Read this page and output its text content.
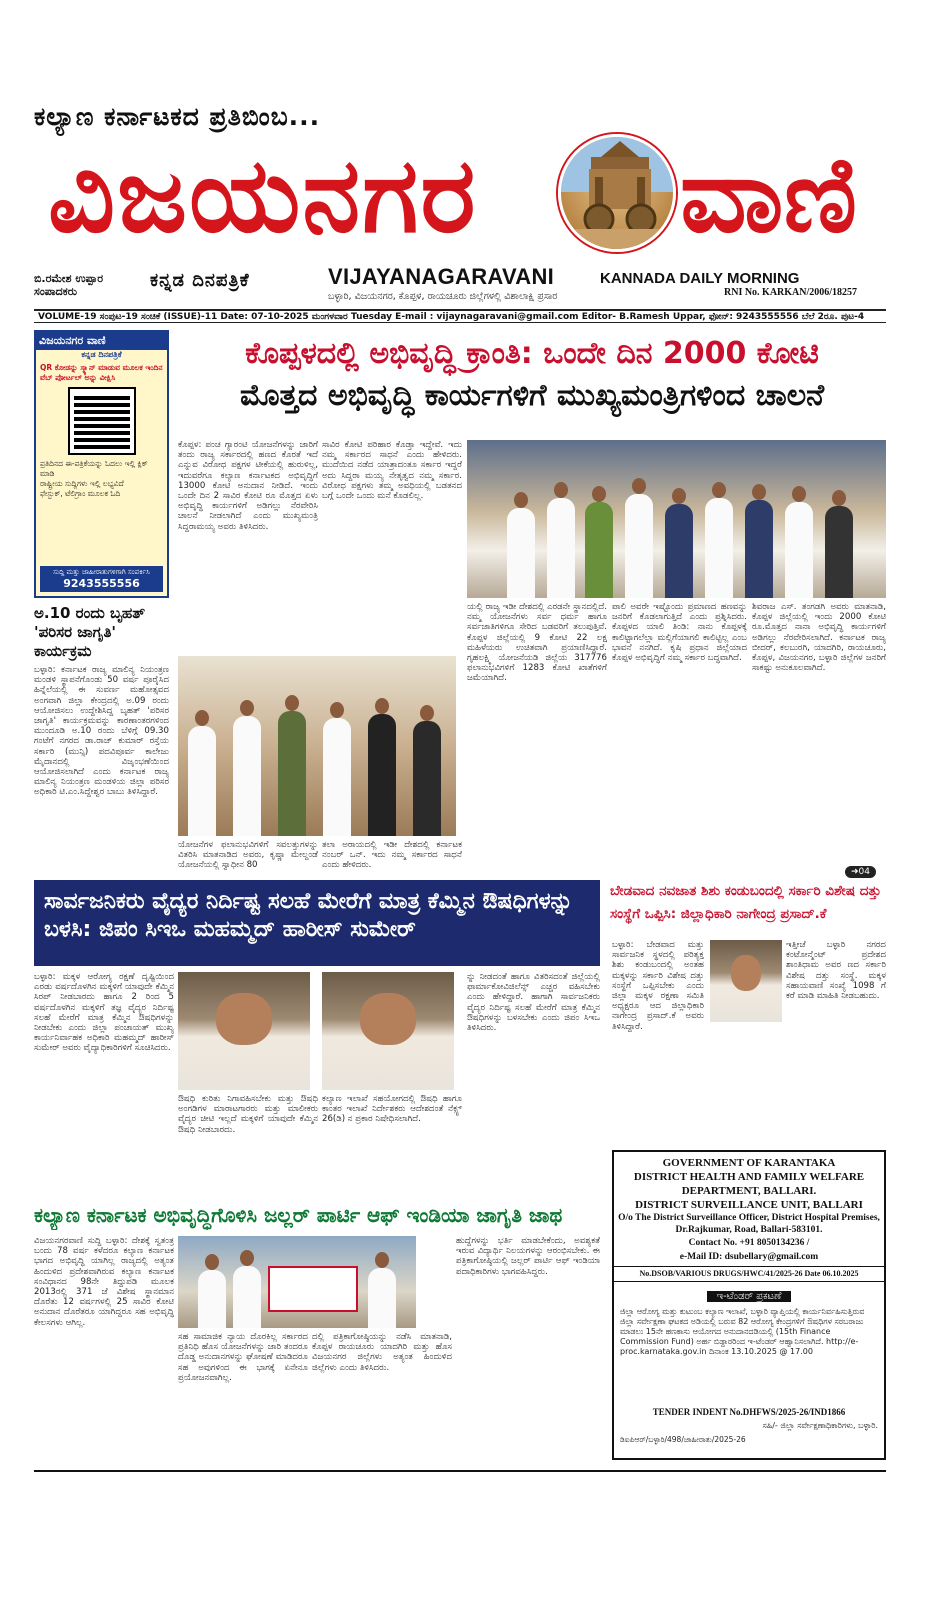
ಕಲ್ಯಾಣ ಕರ್ನಾಟಕದ ಪ್ರತಿಬಿಂಬ...
ವಿಜಯನಗರ ವಾಣಿ
ಬಿ.ರಮೇಶ ಉಪ್ಪಾರ
ಸಂಪಾದಕರು
ಕನ್ನಡ ದಿನಪತ್ರಿಕೆ	VIJAYANAGARAVANI	KANNADA DAILY MORNING
ಬಳ್ಳಾರಿ, ವಿಜಯನಗರ, ಕೊಪ್ಪಳ, ರಾಯಚೂರು ಜಿಲ್ಲೆಗಳಲ್ಲಿ ವಿಶಾಲಾಕ್ಷಿ ಪ್ರಸಾರ	RNI No. KARKAN/2006/18257
VOLUME-19 ಸಂಪುಟ-19 ಸಂಚಿಕೆ (ISSUE)-11 Date: 07-10-2025 ಮಂಗಳವಾರ Tuesday E-mail : vijaynagaravani@gmail.com Editor- B.Ramesh Uppar, ಫೋನ್: 9243555556 ಬೆಲೆ 2ರೂ. ಪುಟ-4
ವಿಜಯನಗರ ವಾಣಿ
ಕನ್ನಡ ದಿನಪತ್ರಿಕೆ
QR ಕೋಡನ್ನು ಸ್ಕ್ಯಾನ್ ಮಾಡುವ ಮೂಲಕ ಇಂದಿನ ವೆಬ್ ಪೋರ್ಟಲ್ ಅನ್ನು ವೀಕ್ಷಿಸಿ
ಪ್ರತಿದಿನದ ಈ-ಪತ್ರಿಕೆಯನ್ನು ಓದಲು ಇಲ್ಲಿ ಕ್ಲಿಕ್ ಮಾಡಿ
ರಾಷ್ಟ್ರೀಯ ಸುದ್ದಿಗಳು ಇಲ್ಲಿ ಲಭ್ಯವಿದೆ
ಫೇಸ್ಬುಕ್, ಟೆಲಿಗ್ರಾಂ ಮೂಲಕ ಓದಿ
ಸುದ್ದಿ ಮತ್ತು ಜಾಹೀರಾತುಗಳಿಗಾಗಿ ಸಂಪರ್ಕಿಸಿ
9243555556
ಅ.10 ರಂದು ಬೃಹತ್ 'ಪರಿಸರ ಜಾಗೃತಿ' ಕಾರ್ಯಕ್ರಮ
ಬಳ್ಳಾರಿ: ಕರ್ನಾಟಕ ರಾಜ್ಯ ಮಾಲಿನ್ಯ ನಿಯಂತ್ರಣ ಮಂಡಳಿ ಸ್ಥಾಪನೆಗೊಂಡು 50 ವರ್ಷ ಪೂರೈಸಿದ ಹಿನ್ನೆಲೆಯಲ್ಲಿ ಈ ಸುವರ್ಣ ಮಹೋತ್ಸವದ ಅಂಗವಾಗಿ ಜಿಲ್ಲಾ ಕೇಂದ್ರದಲ್ಲಿ ಅ.09 ರಂದು ಆಯೋಜಿಸಲು ಉದ್ದೇಶಿಸಿದ್ದ ಬೃಹತ್ 'ಪರಿಸರ ಜಾಗೃತಿ' ಕಾರ್ಯಕ್ರಮವನ್ನು ಕಾರಣಾಂತರಗಳಿಂದ ಮುಂದೂಡಿ ಅ.10 ರಂದು ಬೆಳಿಗ್ಗೆ 09.30 ಗಂಟೆಗೆ ನಗರದ ಡಾ.ರಾಜ್ ಕುಮಾರ್ ರಸ್ತೆಯ ಸರ್ಕಾರಿ (ಮುನ್ಸಿ) ಪದವಿಪೂರ್ವ ಕಾಲೇಜು ಮೈದಾನದಲ್ಲಿ ವಿಜೃಂಭಣೆಯಿಂದ ಆಯೋಜಿಸಲಾಗಿದೆ ಎಂದು ಕರ್ನಾಟಕ ರಾಜ್ಯ ಮಾಲಿನ್ಯ ನಿಯಂತ್ರಣ ಮಂಡಳಿಯ ಜಿಲ್ಲಾ ಪರಿಸರ ಅಧಿಕಾರಿ ಟಿ.ಎಂ.ಸಿದ್ದೇಶ್ವರ ಬಾಬು ತಿಳಿಸಿದ್ದಾರೆ.
ಕೊಪ್ಪಳದಲ್ಲಿ ಅಭಿವೃದ್ಧಿ ಕ್ರಾಂತಿ: ಒಂದೇ ದಿನ 2000 ಕೋಟಿ
ಮೊತ್ತದ ಅಭಿವೃದ್ಧಿ ಕಾರ್ಯಗಳಿಗೆ ಮುಖ್ಯಮಂತ್ರಿಗಳಿಂದ ಚಾಲನೆ
ಕೊಪ್ಪಳ: ಪಂಚ ಗ್ಯಾರಂಟಿ ಯೋಜನೆಗಳನ್ನು ಜಾರಿಗೆ ತಂದು ರಾಜ್ಯ ಸರ್ಕಾರದಲ್ಲಿ ಹಣದ ಕೊರತೆ ಇದೆ ಎನ್ನುವ ವಿರೋಧ ಪಕ್ಷಗಳ ಟೀಕೆಯಲ್ಲಿ ಹುರುಳಿಲ್ಲ, ಇದುವರೆಗೂ ಕಲ್ಯಾಣ ಕರ್ನಾಟಕದ ಅಭಿವೃದ್ಧಿಗೆ 13000 ಕೋಟಿ ಅನುದಾನ ನೀಡಿದೆ. ಇಂದು ಒಂದೇ ದಿನ 2 ಸಾವಿರ ಕೋಟಿ ರೂ ಮೊತ್ತದ ಏಳು ಅಭಿವೃದ್ಧಿ ಕಾರ್ಯಗಳಿಗೆ ಅಡಿಗಲ್ಲು ನೆರವೇರಿಸಿ ಚಾಲನೆ ನೀಡಲಾಗಿದೆ ಎಂದು ಮುಖ್ಯಮಂತ್ರಿ ಸಿದ್ದರಾಮಯ್ಯ ಅವರು ತಿಳಿಸಿದರು.
ಸಾವಿರ ಕೋಟಿ ಪರಿಹಾರ ಕೊಡ್ತಾ ಇದ್ದೇವೆ. ಇದು ನಮ್ಮ ಸರ್ಕಾರದ ಸಾಧನೆ ಎಂದು ಹೇಳಿದರು. ಮುದೆಯಿದ ನಡೆದ ಯಾತ್ರಾದಂತೂ ಸರ್ಕಾರ ಇದ್ದರೆ ಅದು ಸಿದ್ದರಾ ಮಯ್ಯ ನೇತೃತ್ವದ ನಮ್ಮ ಸರ್ಕಾರ. ವಿರೋಧ ಪಕ್ಷಗಳು ತಮ್ಮ ಅವಧಿಯಲ್ಲಿ ಬಡತನದ ಬಗ್ಗೆ ಒಂದೇ ಒಂದು ಮನೆ ಕೊಡಲಿಲ್ಲ.
ಯಲ್ಲಿ ರಾಜ್ಯ ಇಡೀ ದೇಶದಲ್ಲಿ ಎರಡನೇ ಸ್ಥಾನದಲ್ಲಿದೆ. ನಮ್ಮ ಯೋಜನೆಗಳು ಸರ್ವ ಧರ್ಮ ಹಾಗೂ ಸರ್ವಜಾತಿಗಳಿಗೂ ಸೇರಿದ ಬಡವರಿಗೆ ತಲುಪುತ್ತಿವೆ. ಕೊಪ್ಪಳ ಜಿಲ್ಲೆಯಲ್ಲಿ 9 ಕೋಟಿ 22 ಲಕ್ಷ ಮಹಿಳೆಯರು ಉಚಿತವಾಗಿ ಪ್ರಯಾಣಿಸಿದ್ದಾರೆ. ಗೃಹಲಕ್ಷ್ಮಿ ಯೋಜನೆಯಡಿ ಜಿಲ್ಲೆಯ 317776 ಫಲಾನುಭವಿಗಳಿಗೆ 1283 ಕೋಟಿ ಖಾತೆಗಳಿಗೆ ಜಮೆಯಾಗಿದೆ.
ಪಾಲಿ ಅವರೇ ಇಷ್ಟೊಂದು ಪ್ರಮಾಣದ ಹಣವನ್ನು ಜನರಿಗೆ ಕೊಡಲಾಗುತ್ತಿದೆ ಎಂದು ಪ್ರಶ್ನಿಸಿದರು. ಕೊಪ್ಪಳದ ಯಾಲಿ ತಿಂಡಿ: ನಾನು ಕೊಪ್ಪಳಕ್ಕೆ ಕಾಲಿಟ್ಟಾಗಲೆಲ್ಲಾ ಮಲ್ಲಿಗೆಯಾಗಲಿ ಕಾಲಿಟ್ಟಿಲ್ಲ ಎಂಬ ಭಾವನೆ ನನಗಿದೆ. ಕೃಷಿ ಪ್ರಧಾನ ಜಿಲ್ಲೆಯಾದ ಕೊಪ್ಪಳ ಅಭಿವೃದ್ಧಿಗೆ ನಮ್ಮ ಸರ್ಕಾರ ಬದ್ಧವಾಗಿದೆ.
ಶಿವರಾಜ ಎಸ್. ತಂಗಡಗಿ ಅವರು ಮಾತನಾಡಿ, ಕೊಪ್ಪಳ ಜಿಲ್ಲೆಯಲ್ಲಿ ಇಂದು 2000 ಕೋಟಿ ರೂ.ಮೊತ್ತದ ನಾನಾ ಅಭಿವೃದ್ಧಿ ಕಾರ್ಯಗಳಿಗೆ ಅಡಿಗಲ್ಲು ನೆರವೇರಿಸಲಾಗಿದೆ. ಕರ್ನಾಟಕ ರಾಜ್ಯ ಬೀದರ್, ಕಲಬುರಗಿ, ಯಾದಗಿರಿ, ರಾಯಚೂರು, ಕೊಪ್ಪಳ, ವಿಜಯನಗರ, ಬಳ್ಳಾರಿ ಜಿಲ್ಲೆಗಳ ಜನರಿಗೆ ಸಾಕಷ್ಟು ಅನುಕೂಲವಾಗಿದೆ.
ಯೋಜನೆಗಳ ಫಲಾನುಭವಿಗಳಿಗೆ ಸವಲತ್ತುಗಳನ್ನು ವಿತರಿಸಿ ಮಾತನಾಡಿದ ಅವರು, ಕೃಷ್ಣಾ ಮೇಲ್ದಂಡೆ ಯೋಜನೆಯಲ್ಲಿ ಸ್ವಾಧೀನ 80
ತಲಾ ಅರಾಯದಲ್ಲಿ ಇಡೀ ದೇಶದಲ್ಲಿ ಕರ್ನಾಟಕ ನಂಬರ್ ಒನ್. ಇದು ನಮ್ಮ ಸರ್ಕಾರದ ಸಾಧನೆ ಎಂದು ಹೇಳಿದರು.
➜04
ಸಾರ್ವಜನಿಕರು ವೈದ್ಯರ ನಿರ್ದಿಷ್ಟ ಸಲಹೆ ಮೇರೆಗೆ ಮಾತ್ರ ಕೆಮ್ಮಿನ ಔಷಧಿಗಳನ್ನು ಬಳಸಿ: ಜಿಪಂ ಸಿಇಒ ಮಹಮ್ಮದ್ ಹಾರೀಸ್ ಸುಮೇರ್
ಬೇಡವಾದ ನವಜಾತ ಶಿಶು ಕಂಡುಬಂದಲ್ಲಿ ಸರ್ಕಾರಿ ವಿಶೇಷ ದತ್ತು ಸಂಸ್ಥೆಗೆ ಒಪ್ಪಿಸಿ: ಜಿಲ್ಲಾಧಿಕಾರಿ ನಾಗೇಂದ್ರ ಪ್ರಸಾದ್.ಕೆ
ಬಳ್ಳಾರಿ: ಮಕ್ಕಳ ಆರೋಗ್ಯ ರಕ್ಷಣೆ ದೃಷ್ಟಿಯಿಂದ ಎರಡು ವರ್ಷದೊಳಗಿನ ಮಕ್ಕಳಿಗೆ ಯಾವುದೇ ಕೆಮ್ಮಿನ ಸಿರಪ್ ನೀಡಬಾರದು ಹಾಗೂ 2 ರಿಂದ 5 ವರ್ಷದೊಳಗಿನ ಮಕ್ಕಳಿಗೆ ತಜ್ಞ ವೈದ್ಯರ ನಿರ್ದಿಷ್ಟ ಸಲಹೆ ಮೇರೆಗೆ ಮಾತ್ರ ಕೆಮ್ಮಿನ ಔಷಧಿಗಳನ್ನು ನೀಡಬೇಕು ಎಂದು ಜಿಲ್ಲಾ ಪಂಚಾಯತ್ ಮುಖ್ಯ ಕಾರ್ಯನಿರ್ವಾಹಕ ಅಧಿಕಾರಿ ಮಹಮ್ಮದ್ ಹಾರೀಸ್ ಸುಮೇರ್ ಅವರು ವೈದ್ಯಾಧಿಕಾರಿಗಳಿಗೆ ಸೂಚಿಸಿದರು.
ಔಷಧಿ ಕುರಿತು ನಿಗಾವಹಿಸಬೇಕು ಮತ್ತು ಔಷಧಿ ಅಂಗಡಿಗಳ ಮಾರಾಟಗಾರರು ಮತ್ತು ಮಾಲೀಕರು ವೈದ್ಯರ ಚೀಟಿ ಇಲ್ಲದೆ ಮಕ್ಕಳಿಗೆ ಯಾವುದೇ ಕೆಮ್ಮಿನ ಔಷಧಿ ನೀಡಬಾರದು.
ಕಲ್ಯಾಣ ಇಲಾಖೆ ಸಹಯೋಗದಲ್ಲಿ ಔಷಧಿ ಹಾಗೂ ಕಾಂತರ ಇಲಾಖೆ ನಿರ್ದೇಶಕರು ಆದೇಶದಂತೆ ನೆಕ್ಸ್ಟ್ 26(ಡಿ) ನ ಪ್ರಕಾರ ನಿಷೇಧಿಸಲಾಗಿದೆ.
ನ್ನು ನೀಡದಂತೆ ಹಾಗೂ ವಿತರಿಸದಂತೆ ಜಿಲ್ಲೆಯಲ್ಲಿ ಫಾರ್ಮಾಕೋವಿಜಿಲೆನ್ಸ್ ಎಚ್ಚರ ವಹಿಸಬೇಕು ಎಂದು ಹೇಳಿದ್ದಾರೆ. ಹಾಗಾಗಿ ಸಾರ್ವಜನಿಕರು ವೈದ್ಯರ ನಿರ್ದಿಷ್ಟ ಸಲಹೆ ಮೇರೆಗೆ ಮಾತ್ರ ಕೆಮ್ಮಿನ ಔಷಧಿಗಳನ್ನು ಬಳಸಬೇಕು ಎಂದು ಜಿಪಂ ಸಿಇಒ ತಿಳಿಸಿದರು.
ಬಳ್ಳಾರಿ: ಬೇಡವಾದ ಮತ್ತು ಸಾರ್ವಜನಿಕ ಸ್ಥಳದಲ್ಲಿ ಪರಿತ್ಯಕ್ತ ಶಿಶು ಕಂಡುಬಂದಲ್ಲಿ ಅಂತಹ ಮಕ್ಕಳನ್ನು ಸರ್ಕಾರಿ ವಿಶೇಷ ದತ್ತು ಸಂಸ್ಥೆಗೆ ಒಪ್ಪಿಸಬೇಕು ಎಂದು ಜಿಲ್ಲಾ ಮಕ್ಕಳ ರಕ್ಷಣಾ ಸಮಿತಿ ಅಧ್ಯಕ್ಷರೂ ಆದ ಜಿಲ್ಲಾಧಿಕಾರಿ ನಾಗೇಂದ್ರ ಪ್ರಸಾದ್.ಕೆ ಅವರು ತಿಳಿಸಿದ್ದಾರೆ.
ಇತ್ತೀಚೆ ಬಳ್ಳಾರಿ ನಗರದ ಕಂಟೋನ್ಮೆಂಟ್ ಪ್ರದೇಶದ ಶಾಂತಿಧಾಮ ಅವರ ಣದ ಸರ್ಕಾರಿ ವಿಶೇಷ ದತ್ತು ಸಂಸ್ಥೆ. ಮಕ್ಕಳ ಸಹಾಯವಾಣಿ ಸಂಖ್ಯೆ 1098 ಗೆ ಕರೆ ಮಾಡಿ ಮಾಹಿತಿ ನೀಡಬಹುದು.
ಕಲ್ಯಾಣ ಕರ್ನಾಟಕ ಅಭಿವೃದ್ಧಿಗೊಳಿಸಿ ಜಲ್ಲರ್ ಪಾರ್ಟಿ ಆಫ್ ಇಂಡಿಯಾ ಜಾಗೃತಿ ಜಾಥ
ವಿಜಯನಗರವಾಣಿ ಸುದ್ದಿ ಬಳ್ಳಾರಿ: ದೇಶಕ್ಕೆ ಸ್ವತಂತ್ರ ಬಂದು 78 ವರ್ಷ ಕಳೆದರೂ ಕಲ್ಯಾಣ ಕರ್ನಾಟಕ ಭಾಗದ ಅಭಿವೃದ್ಧಿ ಯಾಗಿಲ್ಲ ರಾಜ್ಯದಲ್ಲಿ ಅತ್ಯಂತ ಹಿಂದುಳಿದ ಪ್ರದೇಶವಾಗಿರುವ ಕಲ್ಯಾಣ ಕರ್ನಾಟಕ ಸಂವಿಧಾನದ 98ನೇ ತಿದ್ದುಪಡಿ ಮೂಲಕ 2013ರಲ್ಲಿ 371 ಜೆ ವಿಶೇಷ ಸ್ಥಾನಮಾನ ದೊರೆತು 12 ವರ್ಷಗಳಲ್ಲಿ 25 ಸಾವಿರ ಕೋಟಿ ಅನುದಾನ ದೊರೆತರೂ ಯಾಗಿದ್ದರೂ ಸಹ ಅಭಿವೃದ್ಧಿ ಕೇಲಸಗಳು ಆಗಿಲ್ಲ.
ಸಹ ಸಾಮಾಜಿಕ ನ್ಯಾಯ ದೊರಕಿಲ್ಲ ಸರ್ಕಾರದ ಪ್ರತಿನಿಧಿ ಹೊಸ ಯೋಜನೆಗಳನ್ನು ಜಾರಿ ತಂದರೂ ದೊಡ್ಡ ಅನುದಾನಗಳನ್ನು ಘೋಷಣೆ ಮಾಡಿದರೂ ಸಹ ಅವುಗಳಿಂದ ಈ ಭಾಗಕ್ಕೆ ಏನೇನೂ ಪ್ರಯೋಜನವಾಗಿಲ್ಲ.
ದಲ್ಲಿ ಪತ್ರಿಕಾಗೋಷ್ಠಿಯನ್ನು ನಡೆಸಿ ಮಾತನಾಡಿ, ಕೊಪ್ಪಳ ರಾಯಚೂರು ಯಾದಗಿರಿ ಮತ್ತು ಹೊಸ ವಿಜಯನಗರ ಜಿಲ್ಲೆಗಳು ಅತ್ಯಂತ ಹಿಂದುಳಿದ ಜಿಲ್ಲೆಗಳು ಎಂದು ತಿಳಿಸಿದರು.
ಹುದ್ದೆಗಳನ್ನು ಭರ್ತಿ ಮಾಡಬೇಕೆಂದು, ಅವಶ್ಯಕತೆ ಇರುವ ವಿದ್ಯಾರ್ಥಿ ನಿಲಯಗಳನ್ನು ಆರಂಭಿಸಬೇಕು. ಈ ಪತ್ರಿಕಾಗೋಷ್ಠಿಯಲ್ಲಿ ಜಲ್ಲರ್ ಪಾರ್ಟಿ ಆಫ್ ಇಂಡಿಯಾ ಪದಾಧಿಕಾರಿಗಳು ಭಾಗವಹಿಸಿದ್ದರು.
GOVERNMENT OF KARANTAKA
DISTRICT HEALTH AND FAMILY WELFARE DEPARTMENT, BALLARI.
DISTRICT SURVEILLANCE UNIT, BALLARI
O/o The District Surveillance Officer, District Hospital Premises, Dr.Rajkumar, Road, Ballari-583101.
Contact No. +91 8050134236 /
e-Mail ID: dsubellary@gmail.com
No.DSOB/VARIOUS DRUGS/HWC/41/2025-26 Date 06.10.2025
ಇ-ಟೆಂಡರ್ ಪ್ರಕಟಣೆ
ಜಿಲ್ಲಾ ಆರೋಗ್ಯ ಮತ್ತು ಕುಟುಂಬ ಕಲ್ಯಾಣ ಇಲಾಖೆ, ಬಳ್ಳಾರಿ ವ್ಯಾಪ್ತಿಯಲ್ಲಿ ಕಾರ್ಯನಿರ್ವಹಿಸುತ್ತಿರುವ ಜಿಲ್ಲಾ ಸರ್ವೇಕ್ಷಣಾ ಘಟಕದ ಅಡಿಯಲ್ಲಿ ಬರುವ 82 ಆರೋಗ್ಯ ಕೇಂದ್ರಗಳಿಗೆ ಔಷಧಿಗಳ ಸರಬರಾಜು ಮಾಡಲು 15ನೇ ಹಣಕಾಸು ಆಯೋಗದ ಅನುದಾನದಡಿಯಲ್ಲಿ (15th Finance Commission Fund) ಅರ್ಹ ಬಿಡ್ದಾರರಿಂದ ಇ-ಟೆಂಡರ್ ಆಹ್ವಾನಿಸಲಾಗಿದೆ. http://e-proc.karnataka.gov.in ದಿನಾಂಕ 13.10.2025 @ 17.00
TENDER INDENT No.DHFWS/2025-26/IND1866
ಸಹಿ/- ಜಿಲ್ಲಾ ಸರ್ವೇಕ್ಷಣಾಧಿಕಾರಿಗಳು, ಬಳ್ಳಾರಿ.
ಡಿಐಪಿಆರ್/ಬಳ್ಳಾರಿ/498/ಜಾಹೀರಾತು/2025-26
